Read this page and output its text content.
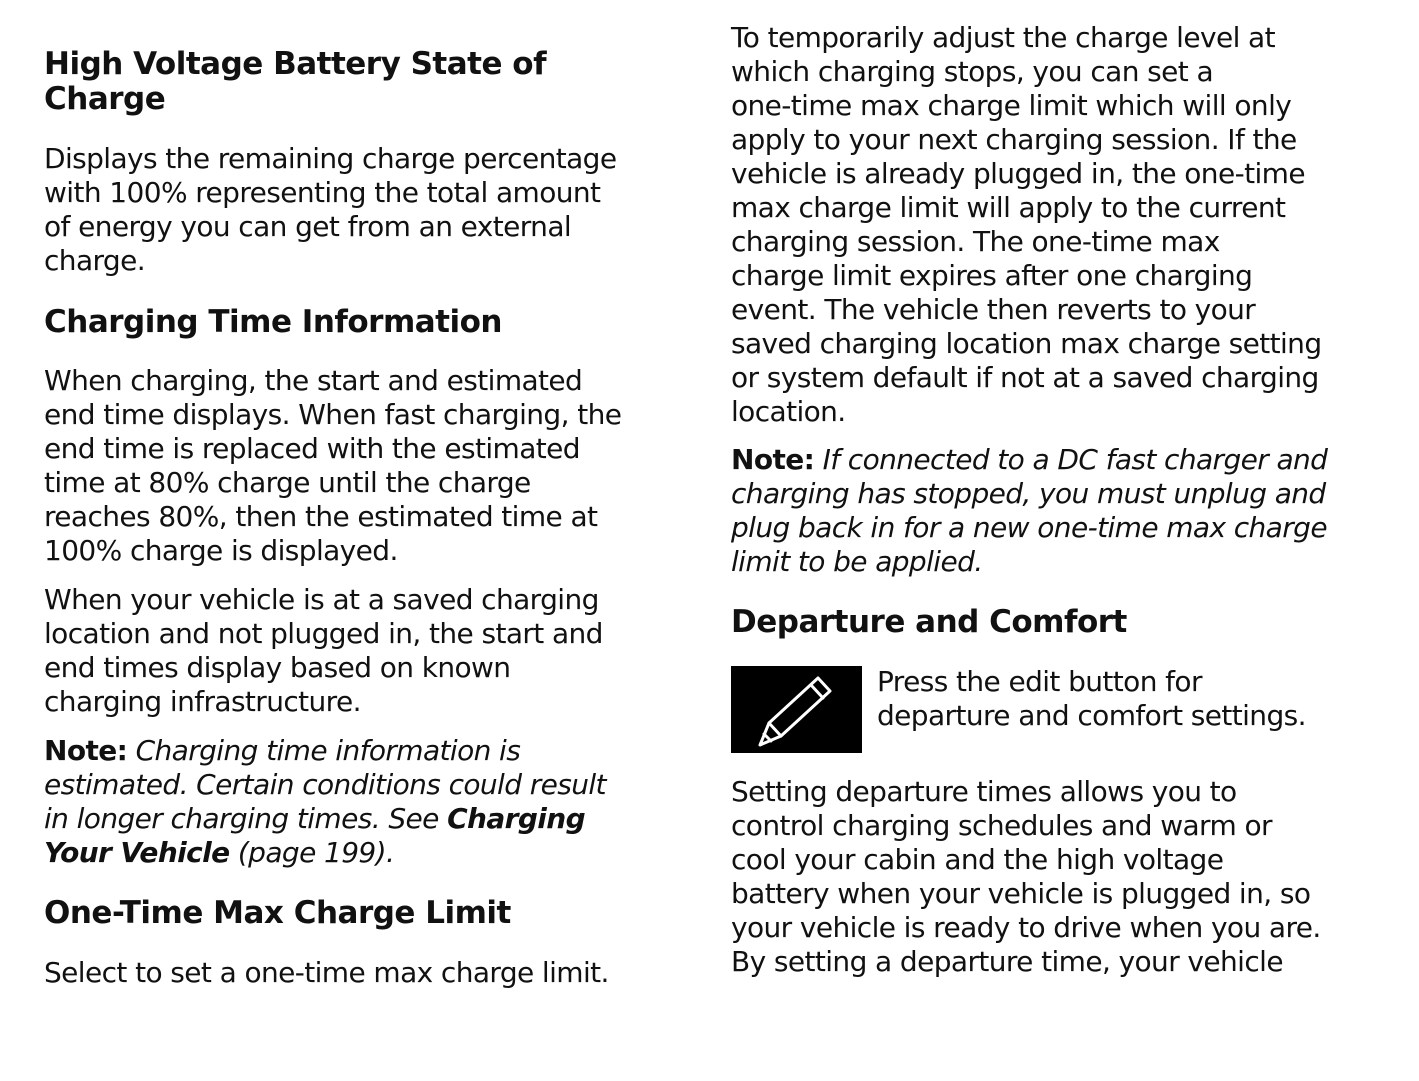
High Voltage Battery State of
Charge
Displays the remaining charge percentage
with 100% representing the total amount
of energy you can get from an external
charge.
Charging Time Information
When charging, the start and estimated
end time displays. When fast charging, the
end time is replaced with the estimated
time at 80% charge until the charge
reaches 80%, then the estimated time at
100% charge is displayed.
When your vehicle is at a saved charging
location and not plugged in, the start and
end times display based on known
charging infrastructure.
Note: Charging time information is
estimated. Certain conditions could result
in longer charging times. See Charging
Your Vehicle (page 199).
One-Time Max Charge Limit
Select to set a one-time max charge limit.
To temporarily adjust the charge level at
which charging stops, you can set a
one-time max charge limit which will only
apply to your next charging session. If the
vehicle is already plugged in, the one-time
max charge limit will apply to the current
charging session. The one-time max
charge limit expires after one charging
event. The vehicle then reverts to your
saved charging location max charge setting
or system default if not at a saved charging
location.
Note: If connected to a DC fast charger and
charging has stopped, you must unplug and
plug back in for a new one-time max charge
limit to be applied.
Departure and Comfort
Press the edit button for
departure and comfort settings.
Setting departure times allows you to
control charging schedules and warm or
cool your cabin and the high voltage
battery when your vehicle is plugged in, so
your vehicle is ready to drive when you are.
By setting a departure time, your vehicle
